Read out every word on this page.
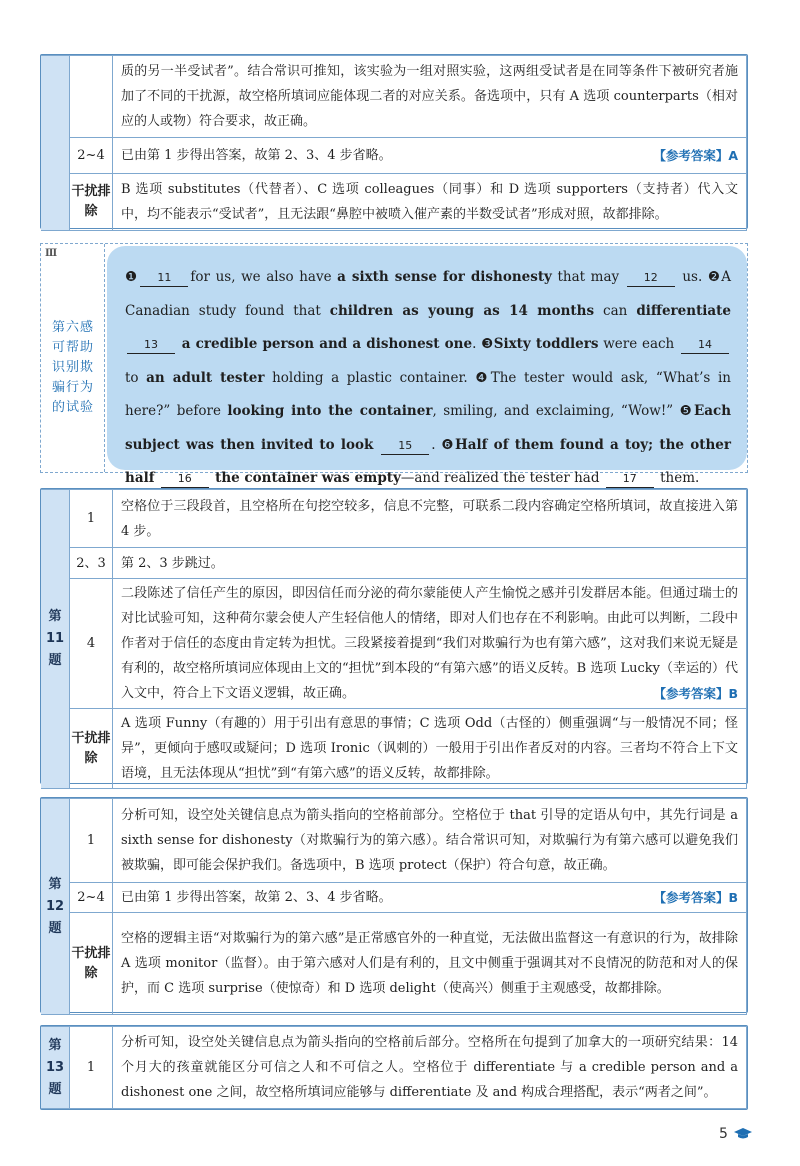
		质的另一半受试者”。结合常识可推知，该实验为一组对照实验，这两组受试者是在同等条件下被研究者施加了不同的干扰源，故空格所填词应能体现二者的对应关系。备选项中，只有 A 选项 counterparts（相对应的人或物）符合要求，故正确。
	2~4	已由第 1 步得出答案，故第 2、3、4 步省略。 【参考答案】A

	干扰排除	B 选项 substitutes（代替者）、C 选项 colleagues（同事）和 D 选项 supporters（支持者）代入文中，均不能表示“受试者”，且无法跟“鼻腔中被喷入催产素的半数受试者”形成对照，故都排除。
Ⅲ
第六感可帮助识别欺骗行为的试验
❶ 11 for us, we also have a sixth sense for dishonesty that may 12 us. ❷A Canadian study found that children as young as 14 months can differentiate 13 a credible person and a dishonest one. ❸Sixty toddlers were each 14 to an adult tester holding a plastic container. ❹The tester would ask, “What’s in here?” before looking into the container, smiling, and exclaiming, “Wow!” ❺Each subject was then invited to look 15 . ❻Half of them found a toy; the other half 16 the container was empty—and realized the tester had 17 them.
第11题	1	空格位于三段段首，且空格所在句挖空较多，信息不完整，可联系二段内容确定空格所填词，故直接进入第 4 步。
	2、3	第 2、3 步跳过。
	4	二段陈述了信任产生的原因，即因信任而分泌的荷尔蒙能使人产生愉悦之感并引发群居本能。但通过瑞士的对比试验可知，这种荷尔蒙会使人产生轻信他人的情绪，即对人们也存在不利影响。由此可以判断，二段中作者对于信任的态度由肯定转为担忧。三段紧接着提到“我们对欺骗行为也有第六感”，这对我们来说无疑是有利的，故空格所填词应体现由上文的“担忧”到本段的“有第六感”的语义反转。B 选项 Lucky（幸运的）代入文中，符合上下文语义逻辑，故正确。 【参考答案】B

	干扰排除	A 选项 Funny（有趣的）用于引出有意思的事情；C 选项 Odd（古怪的）侧重强调“与一般情况不同；怪异”，更倾向于感叹或疑问；D 选项 Ironic（讽刺的）一般用于引出作者反对的内容。三者均不符合上下文语境，且无法体现从“担忧”到“有第六感”的语义反转，故都排除。
第12题	1	分析可知，设空处关键信息点为箭头指向的空格前部分。空格位于 that 引导的定语从句中，其先行词是 a sixth sense for dishonesty（对欺骗行为的第六感）。结合常识可知，对欺骗行为有第六感可以避免我们被欺骗，即可能会保护我们。备选项中，B 选项 protect（保护）符合句意，故正确。
	2~4	已由第 1 步得出答案，故第 2、3、4 步省略。 【参考答案】B

	干扰排除	空格的逻辑主语“对欺骗行为的第六感”是正常感官外的一种直觉，无法做出监督这一有意识的行为，故排除 A 选项 monitor（监督）。由于第六感对人们是有利的，且文中侧重于强调其对不良情况的防范和对人的保护，而 C 选项 surprise（使惊奇）和 D 选项 delight（使高兴）侧重于主观感受，故都排除。
第13题	1	分析可知，设空处关键信息点为箭头指向的空格前后部分。空格所在句提到了加拿大的一项研究结果：14 个月大的孩童就能区分可信之人和不可信之人。空格位于 differentiate 与 a credible person and a dishonest one 之间，故空格所填词应能够与 differentiate 及 and 构成合理搭配，表示“两者之间”。
5
